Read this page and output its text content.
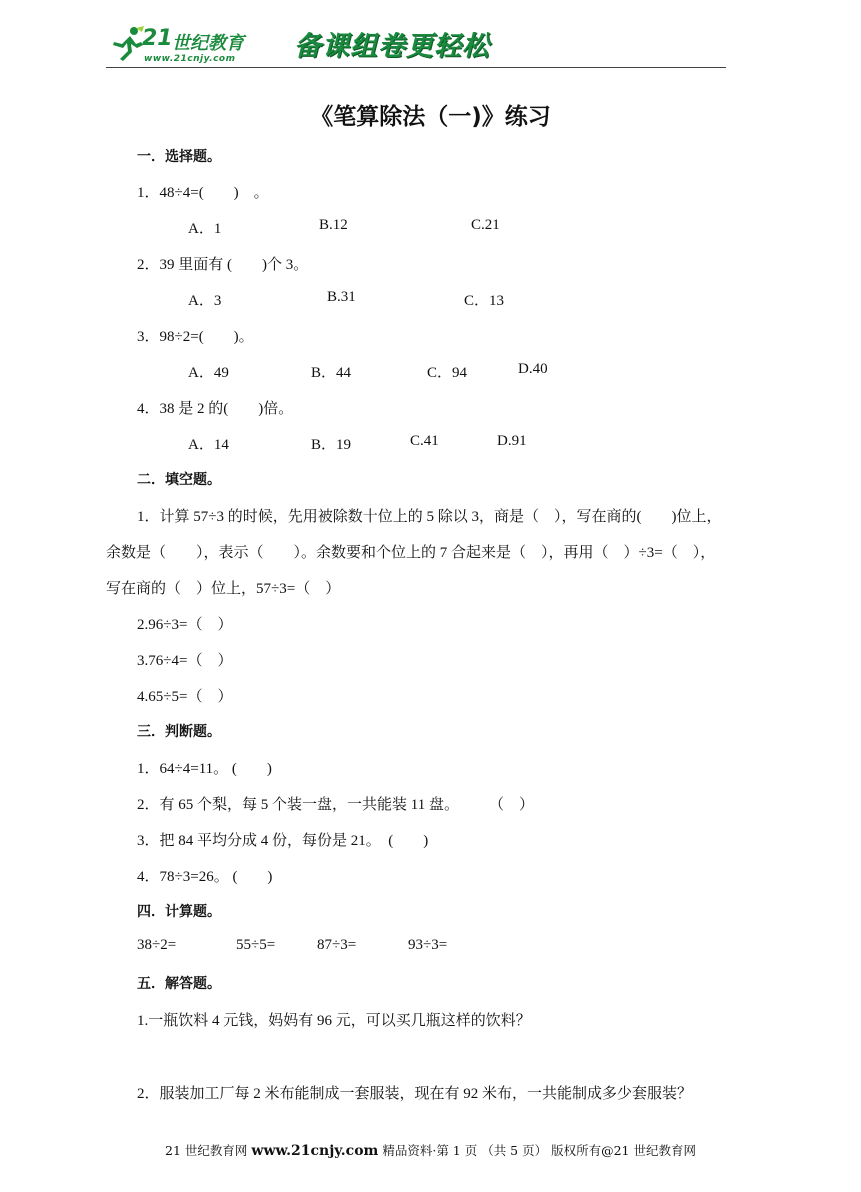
21 世纪教育
www.21cnjy.com 备课组卷更轻松
《笔算除法（一)》练习
一．选择题。
1．48÷4=(　　)　。
A．1	B.12	C.21
2．39 里面有 (　　)个 3。
A．3	B.31	C．13
3．98÷2=(　　)。
A．49	B．44	C．94	D.40
4．38 是 2 的(　　)倍。
A．14	B．19	C.41	D.91
二．填空题。
1．计算 57÷3 的时候，先用被除数十位上的 5 除以 3，商是（　），写在商的(　　)位上，
余数是（　　），表示（　　）。余数要和个位上的 7 合起来是（　），再用（　）÷3=（　），
写在商的（　）位上，57÷3=（　）
2.96÷3=（　）
3.76÷4=（　）
4.65÷5=（　）
三．判断题。
1．64÷4=11。 (　　)
2．有 65 个梨，每 5 个装一盘，一共能装 11 盘。　　　（　）
3．把 84 平均分成 4 份，每份是 21。　(　　)
4．78÷3=26。 (　　)
四．计算题。
38÷2=	55÷5=	87÷3=	93÷3=
五．解答题。
1.一瓶饮料 4 元钱，妈妈有 96 元，可以买几瓶这样的饮料？
2．服装加工厂每 2 米布能制成一套服装，现在有 92 米布，一共能制成多少套服装？
21 世纪教育网 www.21cnjy.com 精品资料·第 1 页 （共 5 页） 版权所有@21 世纪教育网
